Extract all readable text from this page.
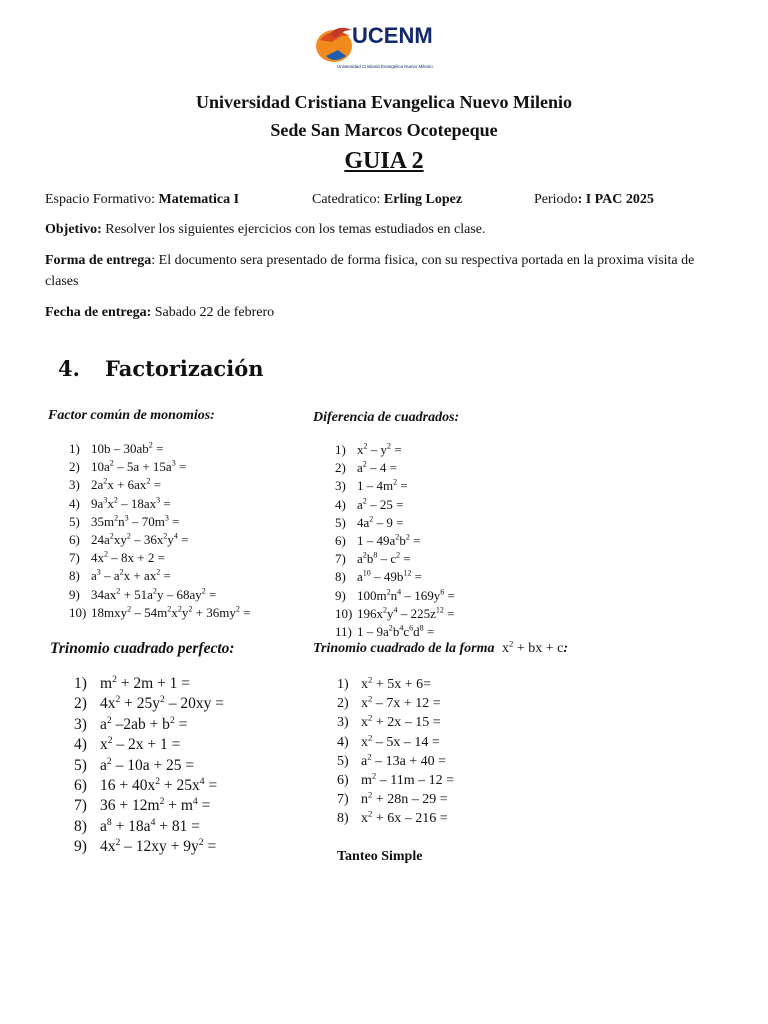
UCENM
Universidad Cristiana Evangelica Nuevo Milenio
Universidad Cristiana Evangelica Nuevo Milenio
Sede San Marcos Ocotepeque
GUIA 2
Espacio Formativo: Matematica I	Catedratico: Erling Lopez	Periodo: I PAC 2025
Objetivo: Resolver los siguientes ejercicios con los temas estudiados en clase.
Forma de entrega: El documento sera presentado de forma fisica, con su respectiva portada en la proxima visita de clases
Fecha de entrega: Sabado 22 de febrero
4. Factorización
Factor común de monomios:
1) $10b - 30ab^2$ =
2) $10a^2 - 5a + 15a^3$ =
3) $2a^2x + 6ax^2$ =
4) $9a^3x^2 - 18ax^3$ =
5) $35m^2n^3 - 70m^3$ =
6) $24a^2xy^2 - 36x^2y^4$ =
7) $4x^2 - 8x + 2$ =
8) $a^3 - a^2x + ax^2$ =
9) $34ax^2 + 51a^2y - 68ay^2$ =
10) $18mxy^2 - 54m^2x^2y^2 + 36my^2$ =
Diferencia de cuadrados:
1) $x^2 - y^2$ =
2) $a^2 - 4$ =
3) $1 - 4m^2$ =
4) $a^2 - 25$ =
5) $4a^2 - 9$ =
6) $1 - 49a^2b^2$ =
7) $a^2b^8 - c^2$ =
8) $a^{10} - 49b^{12}$ =
9) $100m^2n^4 - 169y^6$ =
10) $196x^2y^4 - 225z^{12}$ =
11) $1 - 9a^2b^4c^6d^8$ =
Trinomio cuadrado perfecto:
1) $m^2 + 2m + 1$ =
2) $4x^2 + 25y^2 - 20xy$ =
3) $a^2$ $-2ab + b^2$ =
4) $x^2 - 2x + 1$ =
5) $a^2 - 10a + 25$ =
6) $16 + 40x^2 + 25x^4$ =
7) $36 + 12m^2 + m^4$ =
8) $a^8 + 18a^4 + 81$ =
9) $4x^2 - 12xy + 9y^2$ =
Trinomio cuadrado de la forma $x^2$ + bx + c:
1) $x^2 + 5x + 6=$
2) $x^2 - 7x + 12$ =
3) $x^2 + 2x - 15$ =
4) $x^2 - 5x - 14$ =
5) $a^2 - 13a + 40$ =
6) $m^2 - 11m - 12$ =
7) $n^2 + 28n - 29$ =
8) $x^2 + 6x - 216$ =
Tanteo Simple
